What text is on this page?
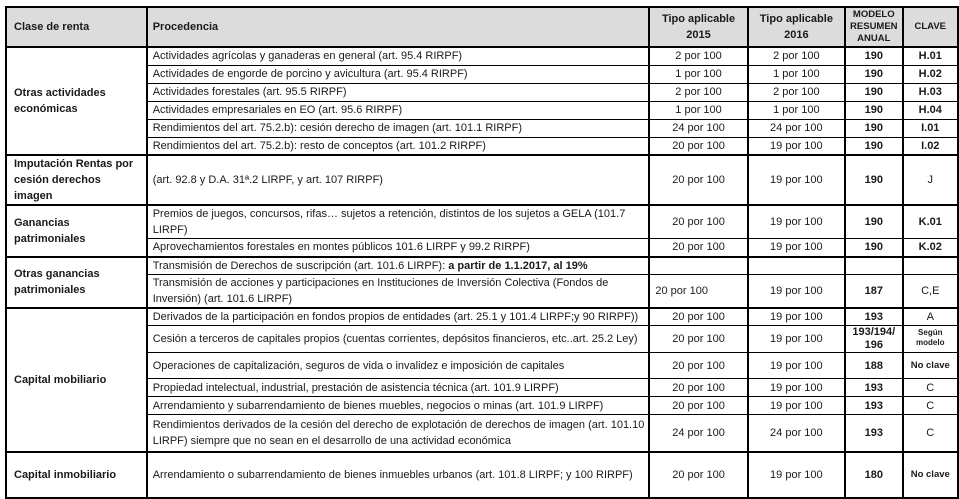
Clase de renta	Procedencia	Tipo aplicable 2015	Tipo aplicable 2016	MODELO RESUMEN ANUAL	CLAVE
Otras actividades económicas	Actividades agrícolas y ganaderas en general (art. 95.4 RIRPF)	2 por 100	2 por 100	190	H.01
	Actividades de engorde de porcino y avicultura (art. 95.4 RIRPF)	1 por 100	1 por 100	190	H.02
	Actividades forestales (art. 95.5 RIRPF)	2 por 100	2 por 100	190	H.03
	Actividades empresariales en EO (art. 95.6 RIRPF)	1 por 100	1 por 100	190	H.04
	Rendimientos del art. 75.2.b): cesión derecho de imagen (art. 101.1 RIRPF)	24 por 100	24 por 100	190	I.01
	Rendimientos del art. 75.2.b): resto de conceptos (art. 101.2 RIRPF)	20 por 100	19 por 100	190	I.02
Imputación Rentas por cesión derechos imagen	(art. 92.8 y D.A. 31ª.2 LIRPF, y art. 107 RIRPF)	20 por 100	19 por 100	190	J
Ganancias patrimoniales	Premios de juegos, concursos, rifas… sujetos a retención, distintos de los sujetos a GELA (101.7 LIRPF)	20 por 100	19 por 100	190	K.01
	Aprovechamientos forestales en montes públicos 101.6 LIRPF y 99.2 RIRPF)	20 por 100	19 por 100	190	K.02
Otras ganancias patrimoniales	Transmisión de Derechos de suscripción (art. 101.6 LIRPF): a partir de 1.1.2017, al 19%				
	Transmisión de acciones y participaciones en Instituciones de Inversión Colectiva (Fondos de Inversión) (art. 101.6 LIRPF)	20 por 100	19 por 100	187	C,E
Capital mobiliario	Derivados de la participación en fondos propios de entidades (art. 25.1 y 101.4 LIRPF;y 90 RIRPF))	20 por 100	19 por 100	193	A
	Cesión a terceros de capitales propios (cuentas corrientes, depósitos financieros, etc..art. 25.2 Ley)	20 por 100	19 por 100	193/194/ 196	Según modelo
	Operaciones de capitalización, seguros de vida o invalidez e imposición de capitales	20 por 100	19 por 100	188	No clave
	Propiedad intelectual, industrial, prestación de asistencia técnica (art. 101.9 LIRPF)	20 por 100	19 por 100	193	C
	Arrendamiento y subarrendamiento de bienes muebles, negocios o minas (art. 101.9 LIRPF)	20 por 100	19 por 100	193	C
	Rendimientos derivados de la cesión del derecho de explotación de derechos de imagen (art. 101.10 LIRPF) siempre que no sean en el desarrollo de una actividad económica	24 por 100	24 por 100	193	C
Capital inmobiliario	Arrendamiento o subarrendamiento de bienes inmuebles urbanos (art. 101.8 LIRPF; y 100 RIRPF)	20 por 100	19 por 100	180	No clave
